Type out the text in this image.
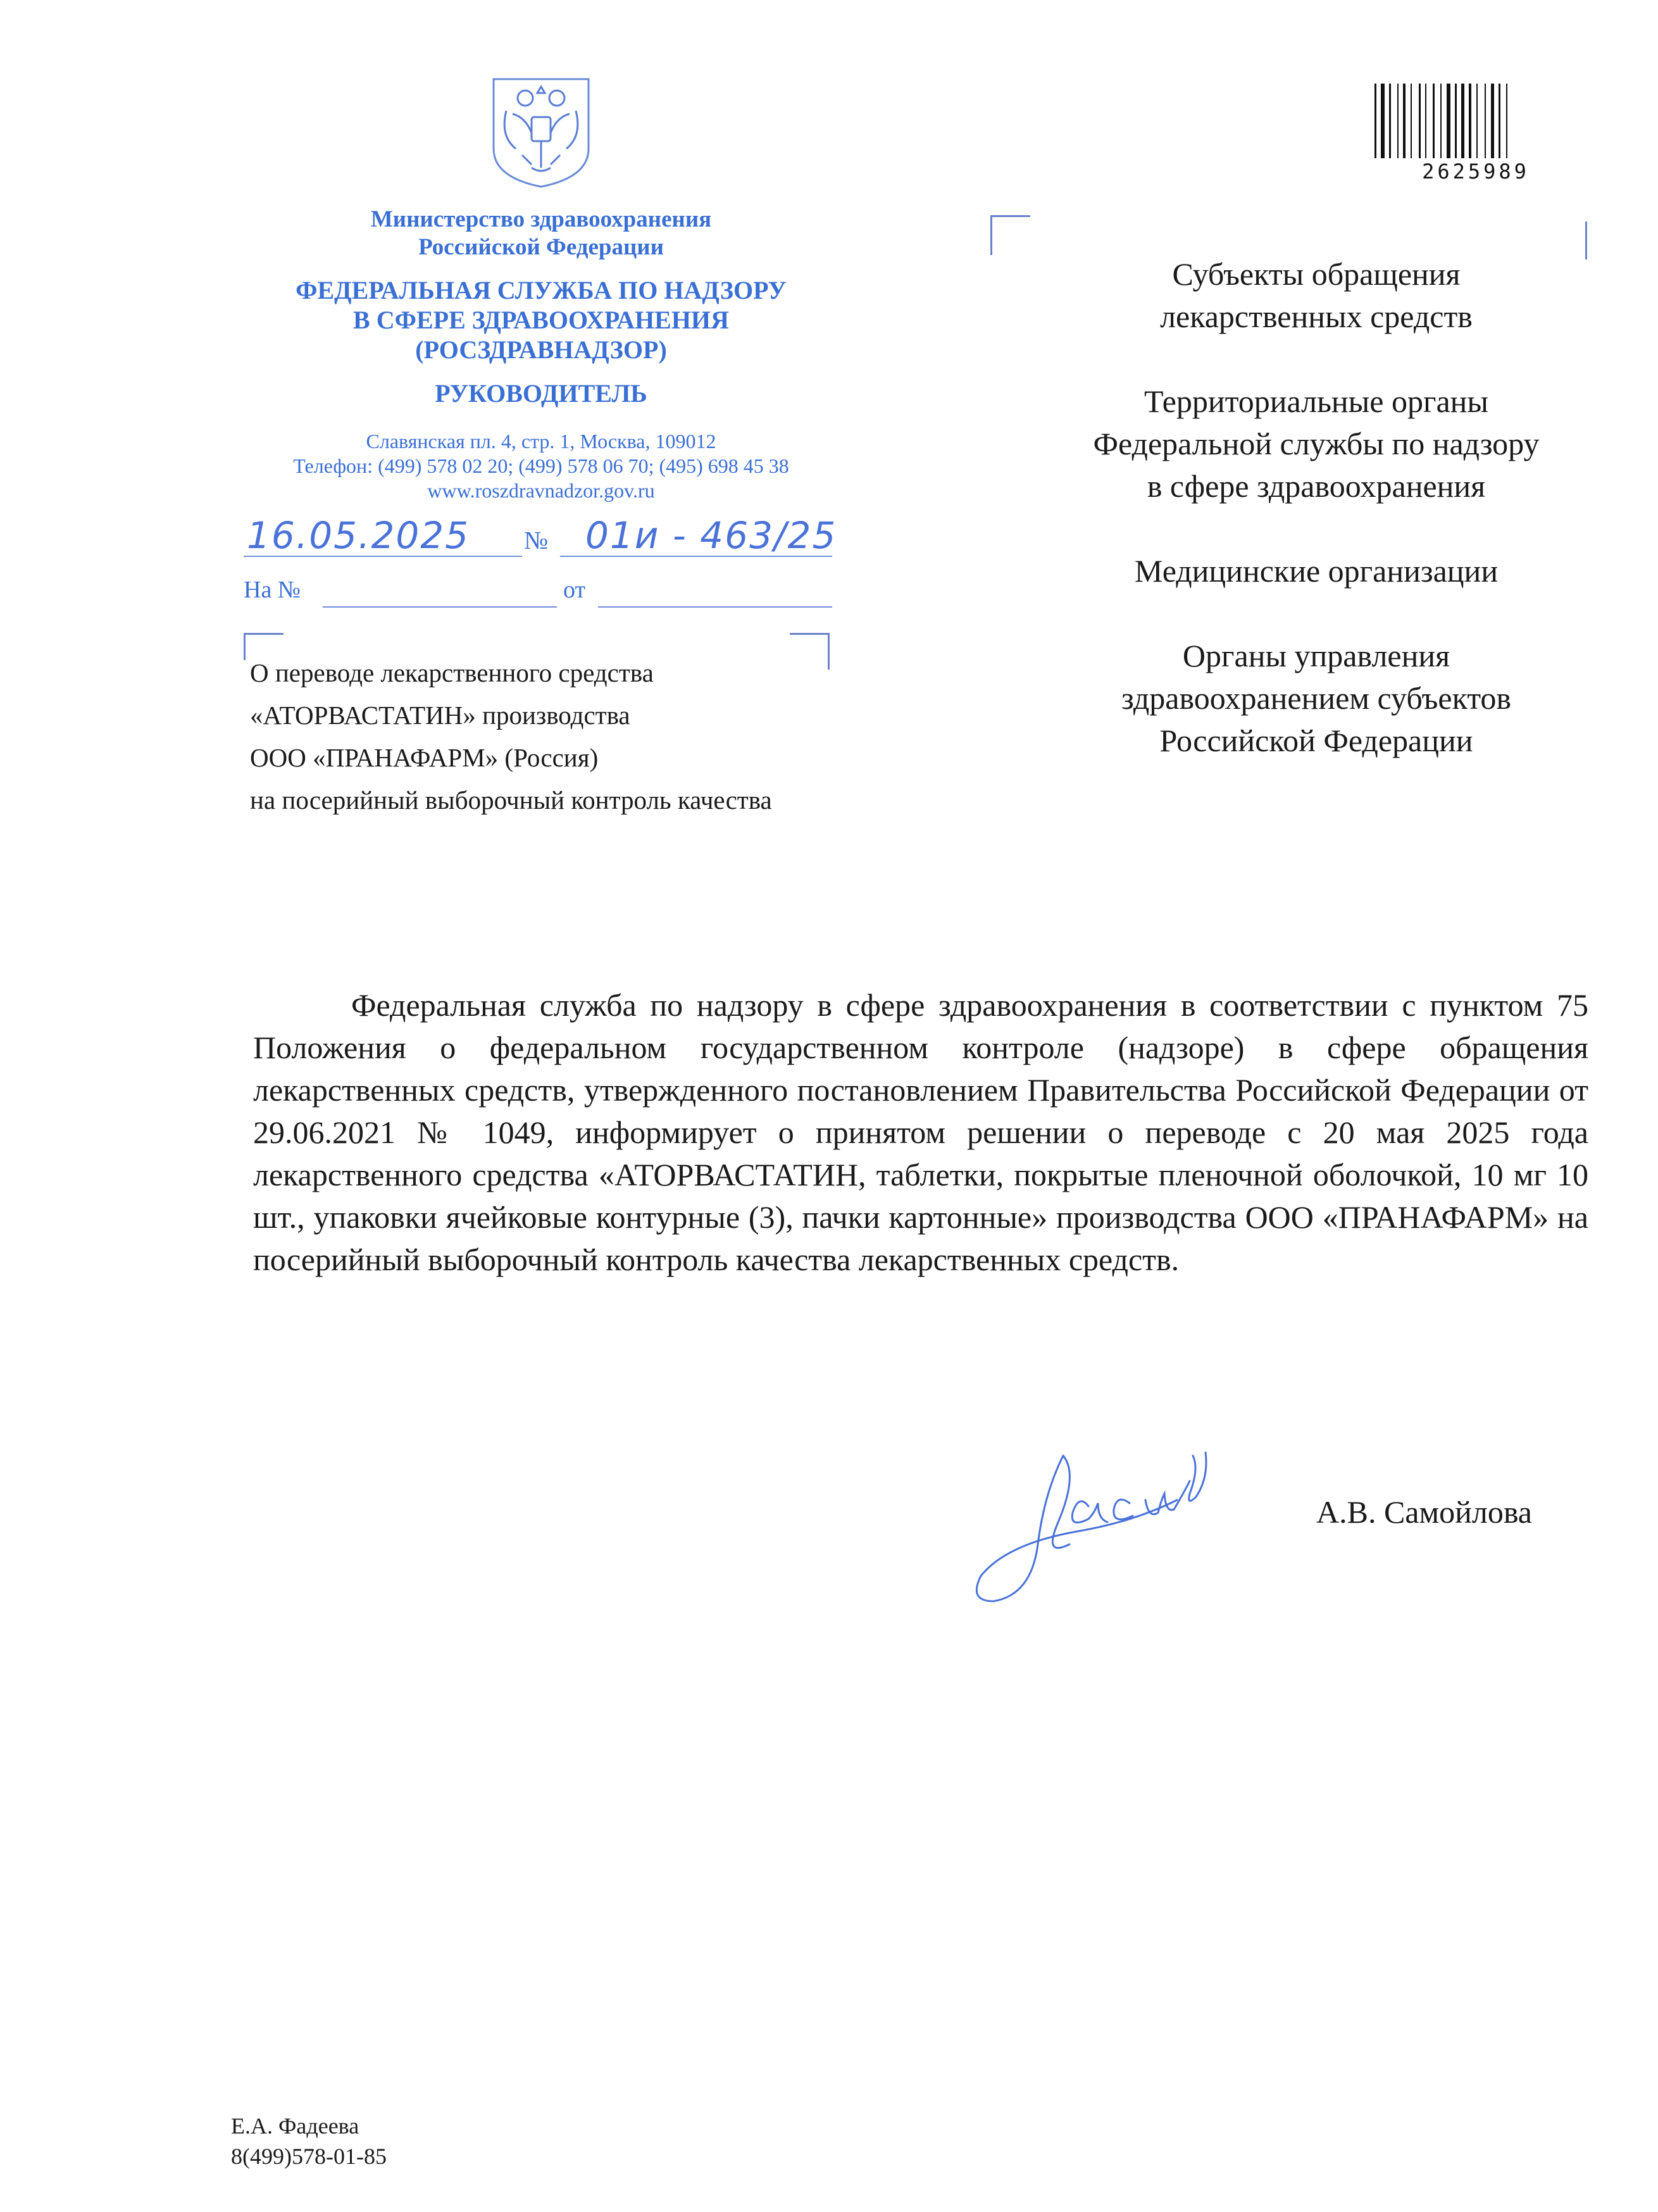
Министерство здравоохранения
Российской Федерации
ФЕДЕРАЛЬНАЯ СЛУЖБА ПО НАДЗОРУ
В СФЕРЕ ЗДРАВООХРАНЕНИЯ
(РОСЗДРАВНАДЗОР)
РУКОВОДИТЕЛЬ
Славянская пл. 4, стр. 1, Москва, 109012
Телефон: (499) 578 02 20; (499) 578 06 70; (495) 698 45 38
www.roszdravnadzor.gov.ru
16.05.2025 № 01и - 463/25
На №	от
О переводе лекарственного средства
«АТОРВАСТАТИН» производства
ООО «ПРАНАФАРМ» (Россия)
на посерийный выборочный контроль качества
2625989
Субъекты обращения
лекарственных средств
Территориальные органы
Федеральной службы по надзору
в сфере здравоохранения
Медицинские организации
Органы управления
здравоохранением субъектов
Российской Федерации

Федеральная служба по надзору в сфере здравоохранения в соответствии с пунктом 75 Положения о федеральном государственном контроле (надзоре) в сфере обращения лекарственных средств, утвержденного постановлением Правительства Российской Федерации от 29.06.2021 № 1049, информирует о принятом решении о переводе с 20 мая 2025 года лекарственного средства «АТОРВАСТАТИН, таблетки, покрытые пленочной оболочкой, 10 мг 10 шт., упаковки ячейковые контурные (3), пачки картонные» производства ООО «ПРАНАФАРМ» на посерийный выборочный контроль качества лекарственных средств.

А.В. Самойлова
Е.А. Фадеева
8(499)578-01-85
